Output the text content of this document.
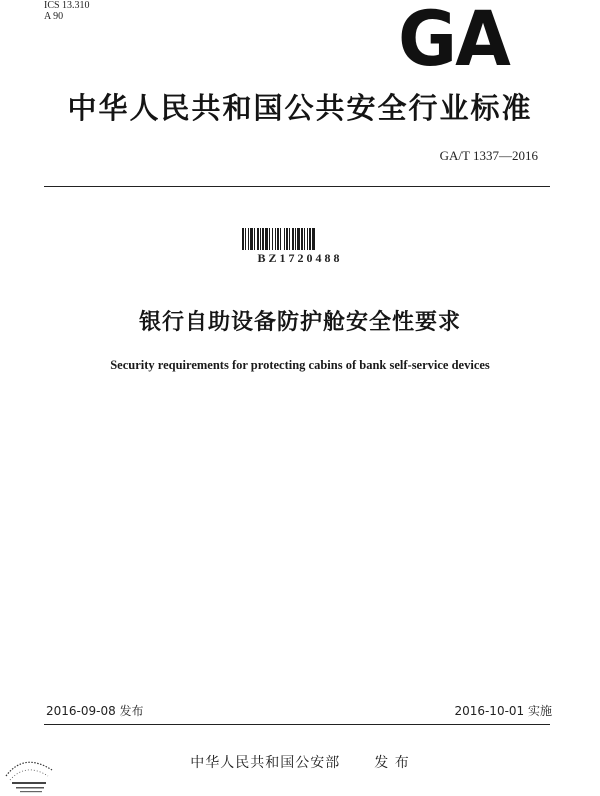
ICS 13.310
A 90	GA
中华人民共和国公共安全行业标准
GA/T 1337—2016
BZ1720488
银行自助设备防护舱安全性要求
Security requirements for protecting cabins of bank self-service devices
2016-09-08 发布	2016-10-01 实施
中华人民共和国公安部 发 布
